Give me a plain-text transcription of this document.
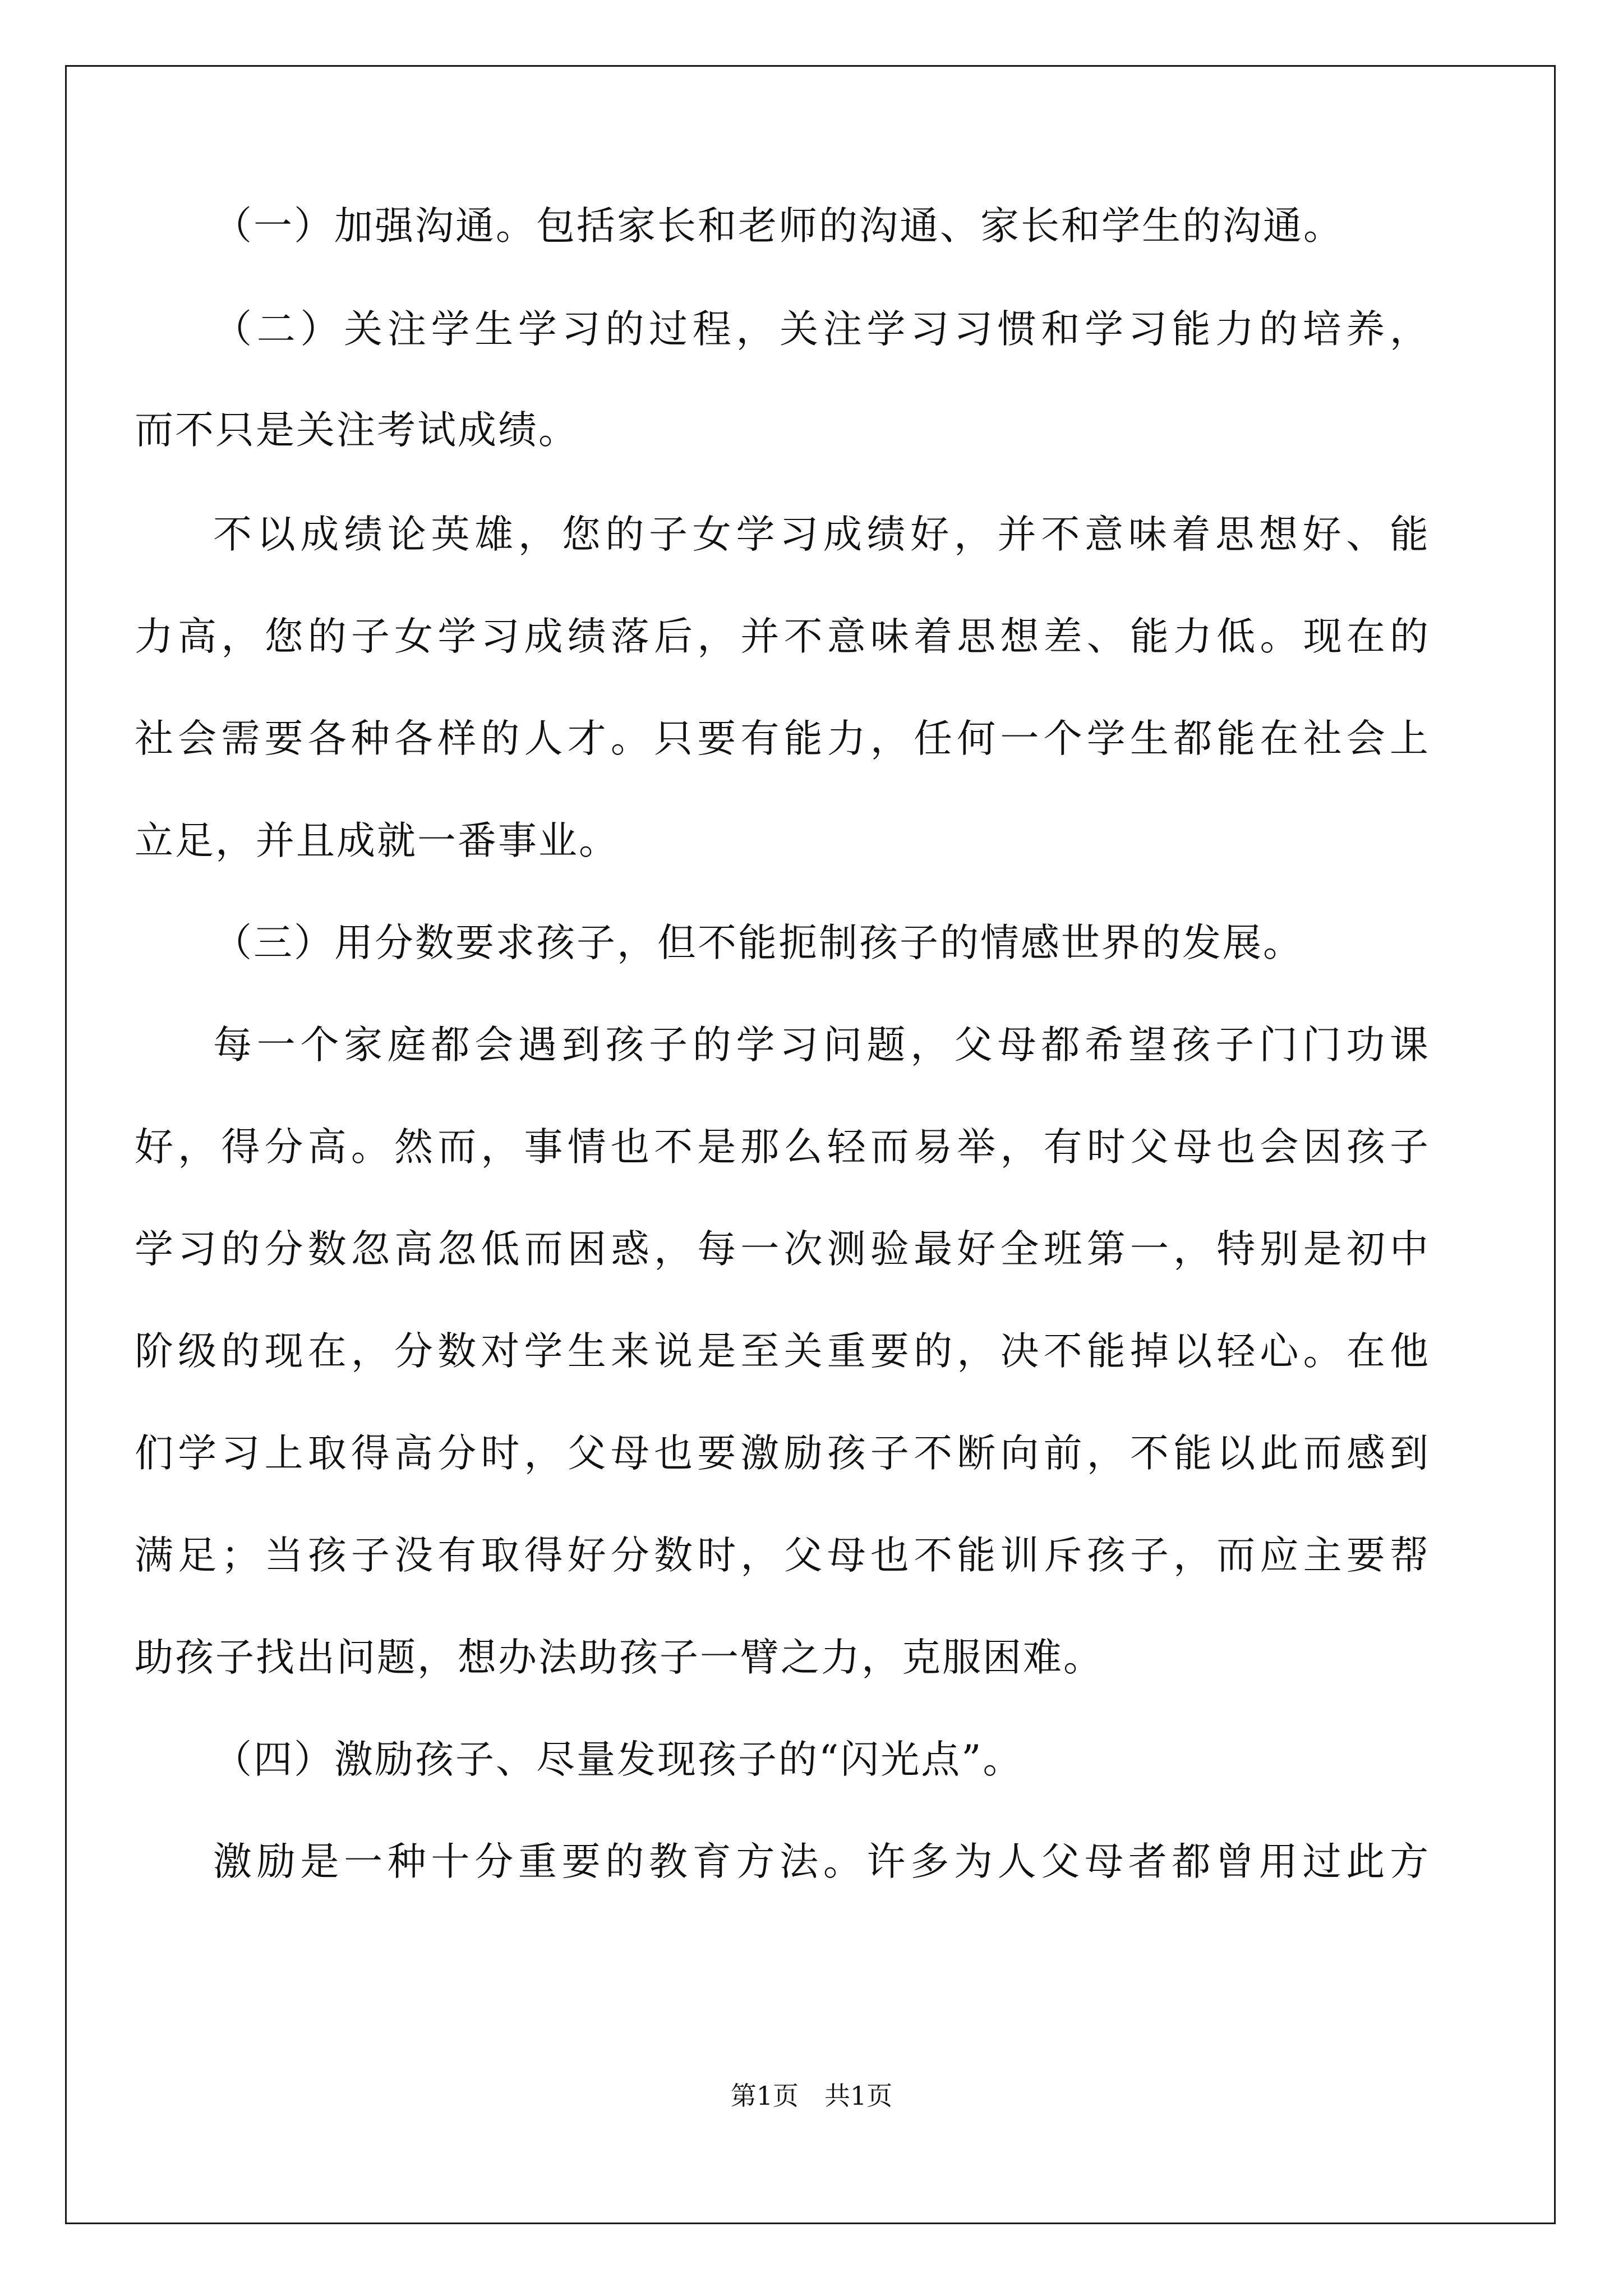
（一）加强沟通。包括家长和老师的沟通、家长和学生的沟通。
（二）关注学生学习的过程，关注学习习惯和学习能力的培养，
而不只是关注考试成绩。
不以成绩论英雄，您的子女学习成绩好，并不意味着思想好、能
力高，您的子女学习成绩落后，并不意味着思想差、能力低。现在的
社会需要各种各样的人才。只要有能力，任何一个学生都能在社会上
立足，并且成就一番事业。
（三）用分数要求孩子，但不能扼制孩子的情感世界的发展。
每一个家庭都会遇到孩子的学习问题，父母都希望孩子门门功课
好，得分高。然而，事情也不是那么轻而易举，有时父母也会因孩子
学习的分数忽高忽低而困惑，每一次测验最好全班第一，特别是初中
阶级的现在，分数对学生来说是至关重要的，决不能掉以轻心。在他
们学习上取得高分时，父母也要激励孩子不断向前，不能以此而感到
满足；当孩子没有取得好分数时，父母也不能训斥孩子，而应主要帮
助孩子找出问题，想办法助孩子一臂之力，克服困难。
（四）激励孩子、尽量发现孩子的“闪光点”。
激励是一种十分重要的教育方法。许多为人父母者都曾用过此方
第1页　共1页
